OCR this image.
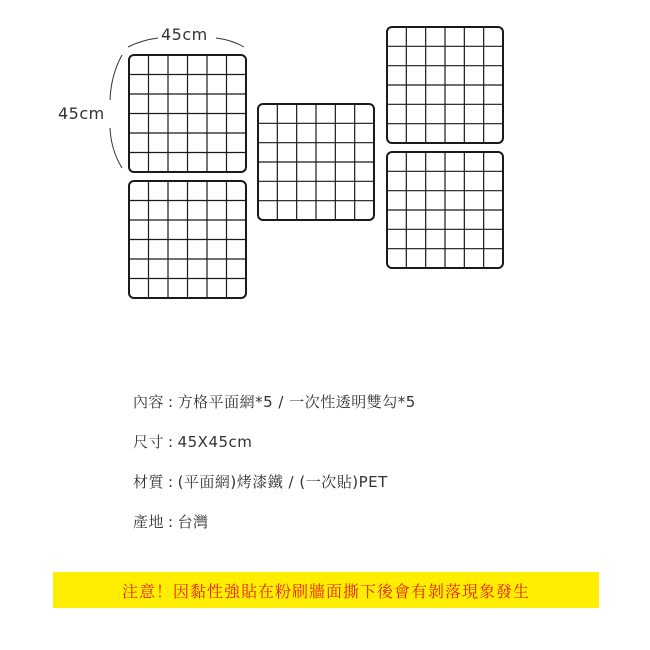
45cm
45cm
內容 : 方格平面網*5 / 一次性透明雙勾*5
尺寸 : 45X45cm
材質 : (平面網)烤漆鐵 / (一次貼)PET
產地 : 台灣
注意！因黏性強貼在粉刷牆面撕下後會有剝落現象發生
